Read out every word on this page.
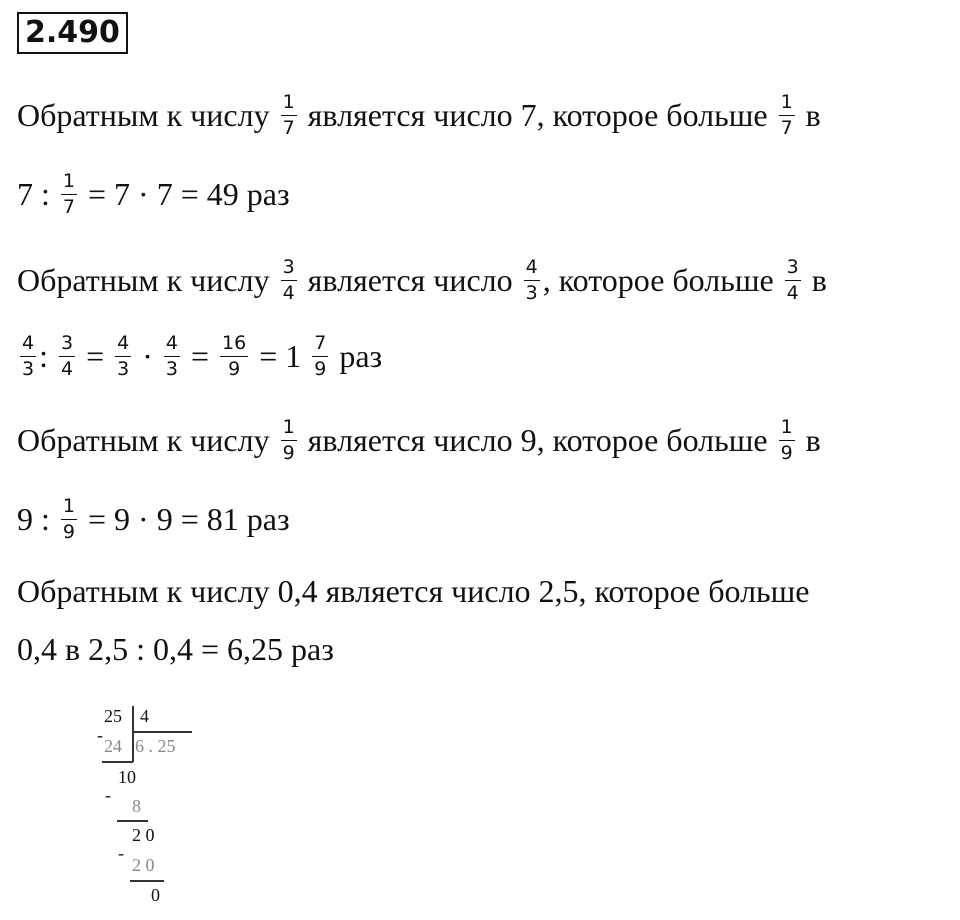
2.490
Обратным к числу $\frac{1}{7}$ является число 7, которое больше $\frac{1}{7}$ в
7 : $\frac{1}{7} = 7 \cdot 7 = 49$ раз
Обратным к числу $\frac{3}{4}$ является число $\frac{4}{3}$ , которое больше $\frac{3}{4}$ в
$\frac{4}{3}$ : $\frac{3}{4} = \frac{4}{3} \cdot \frac{4}{3} = \frac{16}{9} = 1 \frac{7}{9}$ раз
Обратным к числу $\frac{1}{9}$ является число 9, которое больше $\frac{1}{9}$ в
9 : $\frac{1}{9} = 9 \cdot 9 = 81$ раз
Обратным к числу 0,4 является число 2,5, которое больше
0,4 в 2,5 : 0,4 = 6,25 раз
25 4
-
24 6 . 25
10
-
8
2 0
-
2 0
0
